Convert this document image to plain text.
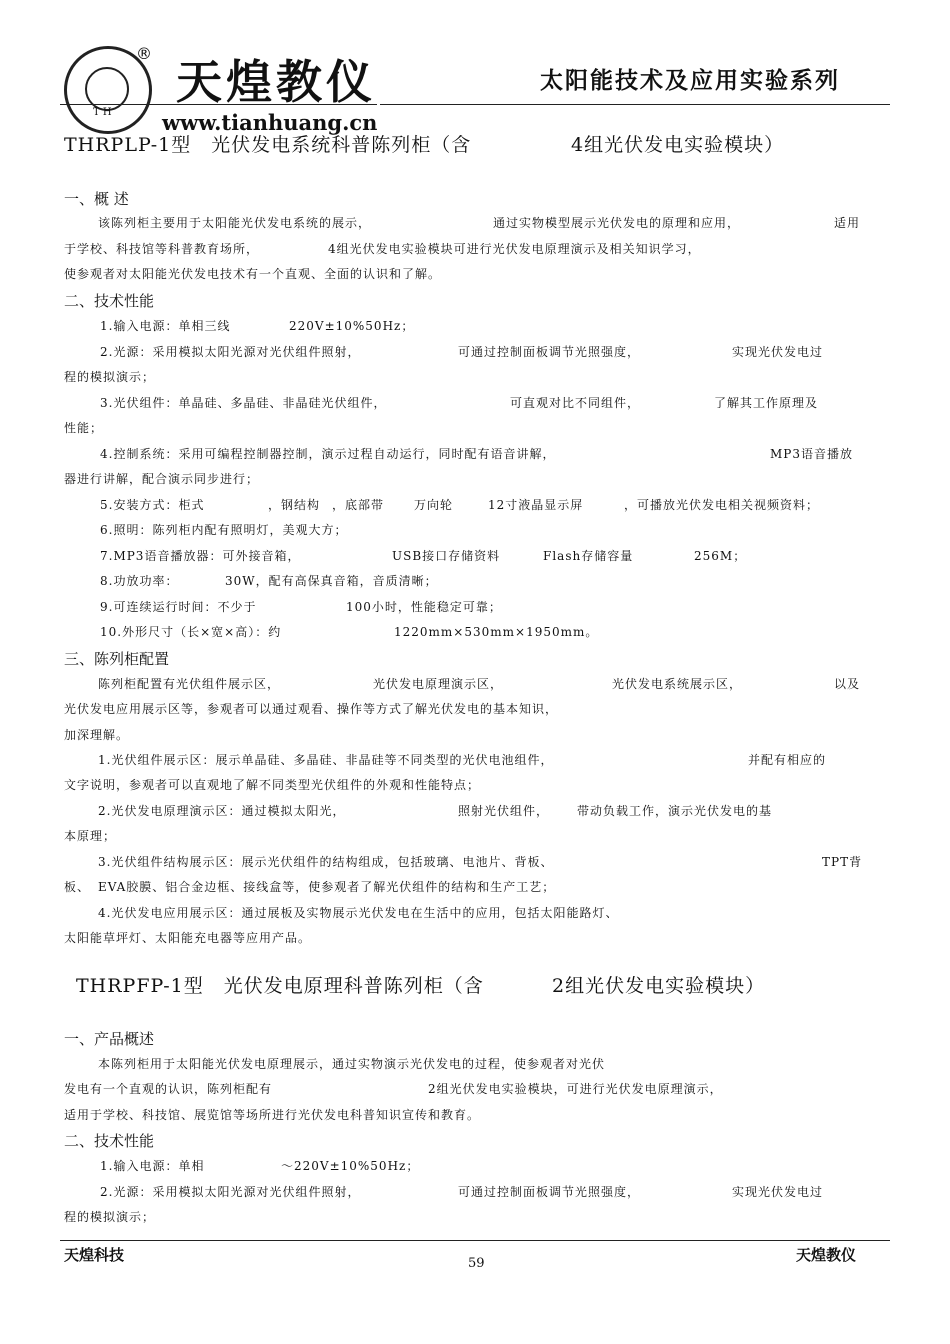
T H
®
天煌教仪
www.tianhuang.cn
太阳能技术及应用实验系列
THRPLP-1型　光伏发电系统科普陈列柜（含	4组光伏发电实验模块）
一、概 述
该陈列柜主要用于太阳能光伏发电系统的展示，	通过实物模型展示光伏发电的原理和应用，	适用
于学校、科技馆等科普教育场所，	4组光伏发电实验模块可进行光伏发电原理演示及相关知识学习，
使参观者对太阳能光伏发电技术有一个直观、全面的认识和了解。
二、技术性能
1.输入电源：单相三线	220V±10%50Hz；
2.光源：采用模拟太阳光源对光伏组件照射，	可通过控制面板调节光照强度，	实现光伏发电过
程的模拟演示；
3.光伏组件：单晶硅、多晶硅、非晶硅光伏组件，	可直观对比不同组件，	了解其工作原理及
性能；
4.控制系统：采用可编程控制器控制，演示过程自动运行，同时配有语音讲解，	MP3语音播放
器进行讲解，配合演示同步进行；
5.安装方式：柜式	，钢结构 ，底部带 万向轮	12寸液晶显示屏	，可播放光伏发电相关视频资料；
6.照明：陈列柜内配有照明灯，美观大方；
7.MP3语音播放器：可外接音箱，	USB接口存储资料	Flash存储容量	256M；
8.功放功率：	30W，配有高保真音箱，音质清晰；
9.可连续运行时间：不少于	100小时，性能稳定可靠；
10.外形尺寸（长×宽×高）：约	1220mm×530mm×1950mm。
三、陈列柜配置
陈列柜配置有光伏组件展示区，	光伏发电原理演示区，	光伏发电系统展示区，	以及
光伏发电应用展示区等，参观者可以通过观看、操作等方式了解光伏发电的基本知识，
加深理解。
1.光伏组件展示区：展示单晶硅、多晶硅、非晶硅等不同类型的光伏电池组件，	并配有相应的
文字说明，参观者可以直观地了解不同类型光伏组件的外观和性能特点；
2.光伏发电原理演示区：通过模拟太阳光，	照射光伏组件， 带动负载工作，演示光伏发电的基
本原理；
3.光伏组件结构展示区：展示光伏组件的结构组成，包括玻璃、电池片、背板、	TPT背
板、 EVA胶膜、铝合金边框、接线盒等，使参观者了解光伏组件的结构和生产工艺；
4.光伏发电应用展示区：通过展板及实物展示光伏发电在生活中的应用，包括太阳能路灯、
太阳能草坪灯、太阳能充电器等应用产品。
THRPFP-1型　光伏发电原理科普陈列柜（含	2组光伏发电实验模块）
一、产品概述
本陈列柜用于太阳能光伏发电原理展示，通过实物演示光伏发电的过程，使参观者对光伏
发电有一个直观的认识，陈列柜配有	2组光伏发电实验模块，可进行光伏发电原理演示，
适用于学校、科技馆、展览馆等场所进行光伏发电科普知识宣传和教育。
二、技术性能
1.输入电源：单相	～220V±10%50Hz；
2.光源：采用模拟太阳光源对光伏组件照射，	可通过控制面板调节光照强度，	实现光伏发电过
程的模拟演示；
天煌科技	59	天煌教仪
